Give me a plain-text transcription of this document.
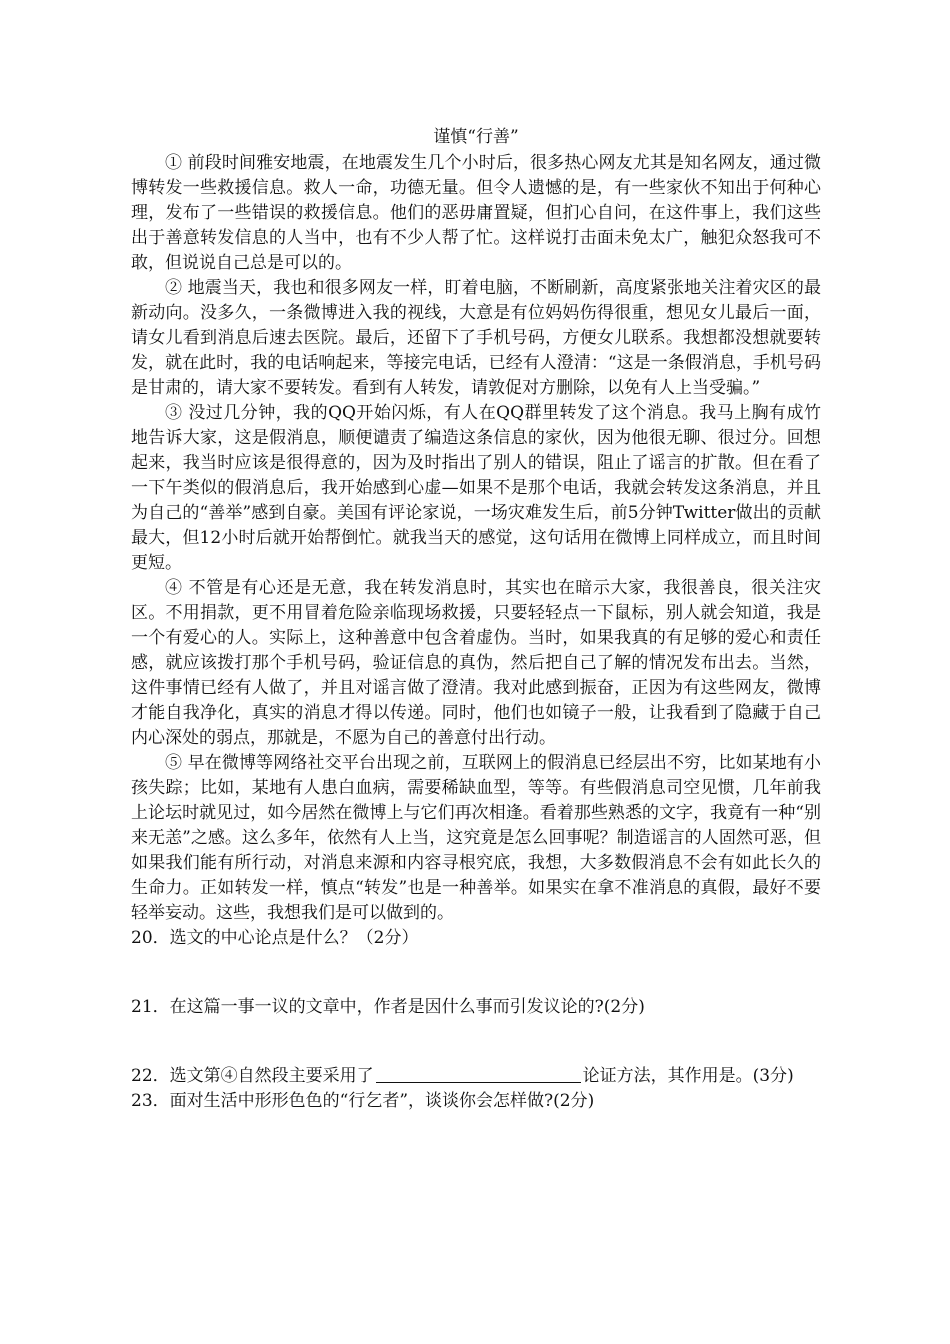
谨慎“行善”

① 前段时间雅安地震，在地震发生几个小时后，很多热心网友尤其是知名网友，通过微博转发一些救援信息。救人一命，功德无量。但令人遗憾的是，有一些家伙不知出于何种心理，发布了一些错误的救援信息。他们的恶毋庸置疑，但扪心自问，在这件事上，我们这些出于善意转发信息的人当中，也有不少人帮了忙。这样说打击面未免太广，触犯众怒我可不敢，但说说自己总是可以的。

② 地震当天，我也和很多网友一样，盯着电脑，不断刷新，高度紧张地关注着灾区的最新动向。没多久，一条微博进入我的视线，大意是有位妈妈伤得很重，想见女儿最后一面，请女儿看到消息后速去医院。最后，还留下了手机号码，方便女儿联系。我想都没想就要转发，就在此时，我的电话响起来，等接完电话，已经有人澄清：“这是一条假消息，手机号码是甘肃的，请大家不要转发。看到有人转发，请敦促对方删除，以免有人上当受骗。”

③ 没过几分钟，我的QQ开始闪烁，有人在QQ群里转发了这个消息。我马上胸有成竹地告诉大家，这是假消息，顺便谴责了编造这条信息的家伙，因为他很无聊、很过分。回想起来，我当时应该是很得意的，因为及时指出了别人的错误，阻止了谣言的扩散。但在看了一下午类似的假消息后，我开始感到心虚—如果不是那个电话，我就会转发这条消息，并且为自己的“善举”感到自豪。美国有评论家说，一场灾难发生后，前5分钟Twitter做出的贡献最大，但12小时后就开始帮倒忙。就我当天的感觉，这句话用在微博上同样成立，而且时间更短。

④ 不管是有心还是无意，我在转发消息时，其实也在暗示大家，我很善良，很关注灾区。不用捐款，更不用冒着危险亲临现场救援，只要轻轻点一下鼠标，别人就会知道，我是一个有爱心的人。实际上，这种善意中包含着虚伪。当时，如果我真的有足够的爱心和责任感，就应该拨打那个手机号码，验证信息的真伪，然后把自己了解的情况发布出去。当然，这件事情已经有人做了，并且对谣言做了澄清。我对此感到振奋，正因为有这些网友，微博才能自我净化，真实的消息才得以传递。同时，他们也如镜子一般，让我看到了隐藏于自己内心深处的弱点，那就是，不愿为自己的善意付出行动。

⑤ 早在微博等网络社交平台出现之前，互联网上的假消息已经层出不穷，比如某地有小孩失踪；比如，某地有人患白血病，需要稀缺血型，等等。有些假消息司空见惯，几年前我上论坛时就见过，如今居然在微博上与它们再次相逢。看着那些熟悉的文字，我竟有一种“别来无恙”之感。这么多年，依然有人上当，这究竟是怎么回事呢？制造谣言的人固然可恶，但如果我们能有所行动，对消息来源和内容寻根究底，我想，大多数假消息不会有如此长久的生命力。正如转发一样，慎点“转发”也是一种善举。如果实在拿不准消息的真假，最好不要轻举妄动。这些，我想我们是可以做到的。

20．选文的中心论点是什么？（2分）

21．在这篇一事一议的文章中，作者是因什么事而引发议论的?(2分)

22．选文第④自然段主要采用了	论证方法，其作用是。(3分)

23．面对生活中形形色色的“行乞者”，谈谈你会怎样做?(2分)
